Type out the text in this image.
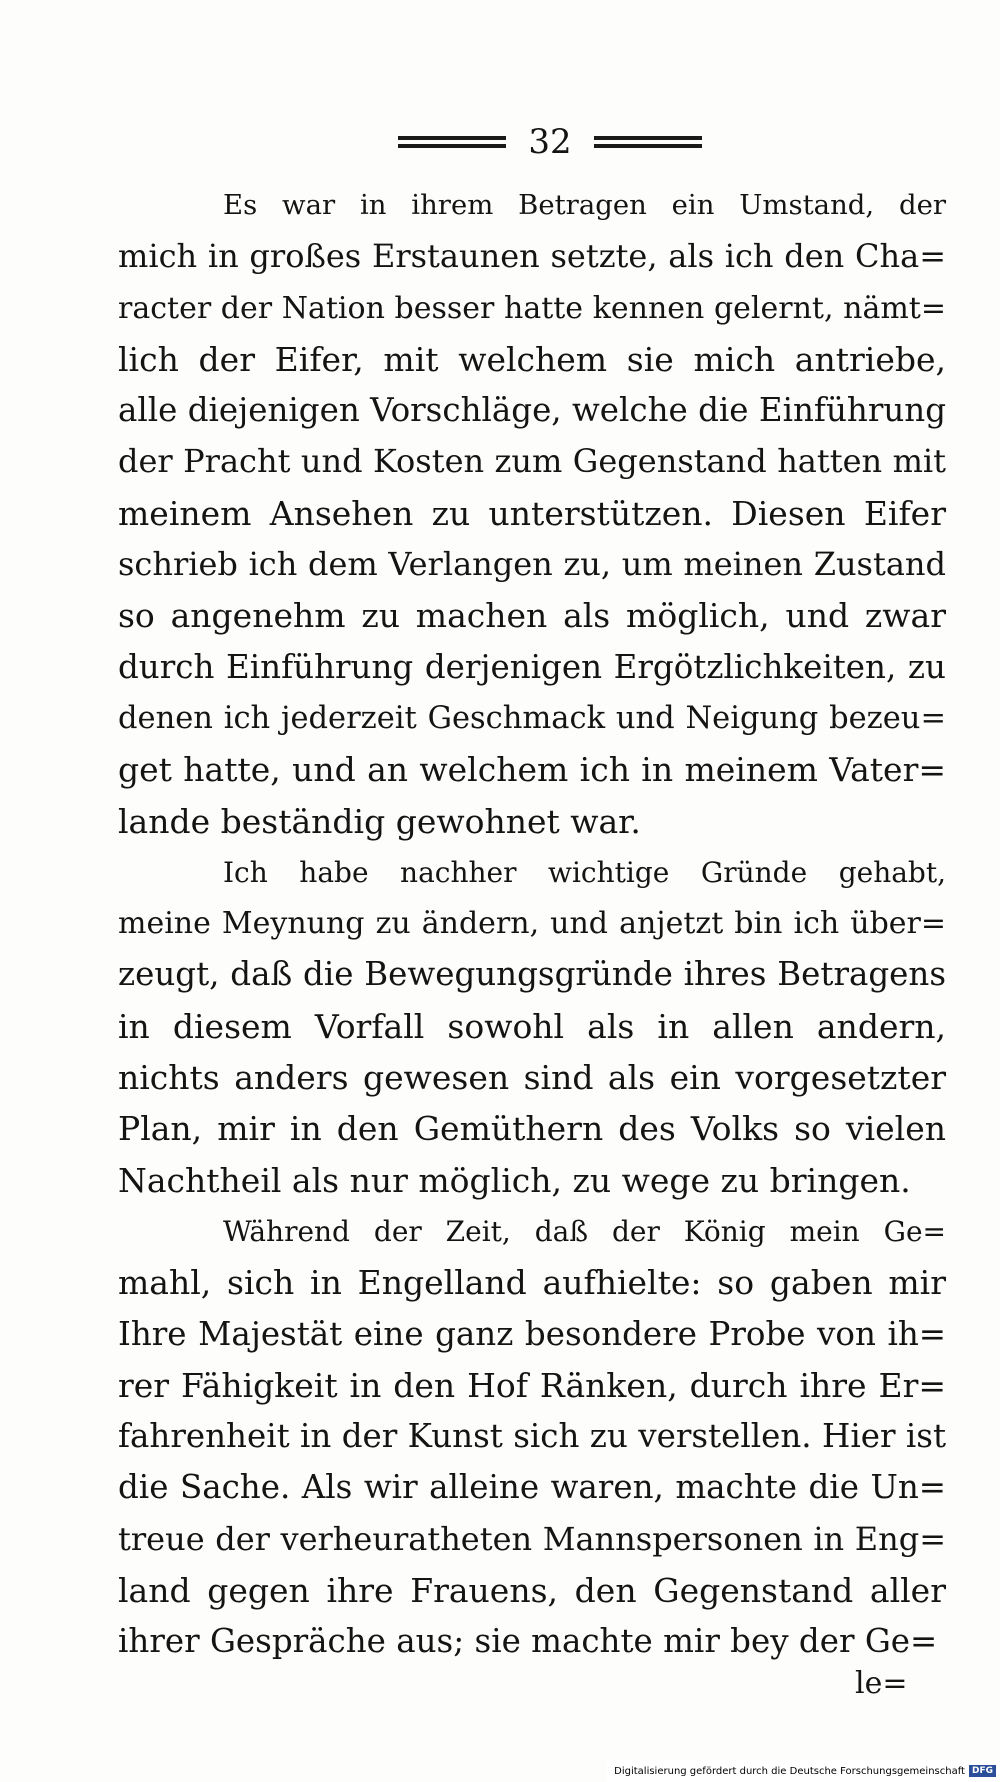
32
Es war in ihrem Betragen ein Umstand, der
mich in großes Erstaunen setzte, als ich den Cha=
racter der Nation besser hatte kennen gelernt, nämt=
lich der Eifer, mit welchem sie mich antriebe,
alle diejenigen Vorschläge, welche die Einführung
der Pracht und Kosten zum Gegenstand hatten mit
meinem Ansehen zu unterstützen. Diesen Eifer
schrieb ich dem Verlangen zu, um meinen Zustand
so angenehm zu machen als möglich, und zwar
durch Einführung derjenigen Ergötzlichkeiten, zu
denen ich jederzeit Geschmack und Neigung bezeu=
get hatte, und an welchem ich in meinem Vater=
lande beständig gewohnet war.
Ich habe nachher wichtige Gründe gehabt,
meine Meynung zu ändern, und anjetzt bin ich über=
zeugt, daß die Bewegungsgründe ihres Betragens
in diesem Vorfall sowohl als in allen andern,
nichts anders gewesen sind als ein vorgesetzter
Plan, mir in den Gemüthern des Volks so vielen
Nachtheil als nur möglich, zu wege zu bringen.
Während der Zeit, daß der König mein Ge=
mahl, sich in Engelland aufhielte: so gaben mir
Ihre Majestät eine ganz besondere Probe von ih=
rer Fähigkeit in den Hof Ränken, durch ihre Er=
fahrenheit in der Kunst sich zu verstellen. Hier ist
die Sache. Als wir alleine waren, machte die Un=
treue der verheuratheten Mannspersonen in Eng=
land gegen ihre Frauens, den Gegenstand aller
ihrer Gespräche aus; sie machte mir bey der Ge=
le=
Digitalisierung gefördert durch die Deutsche Forschungsgemeinschaft DFG
